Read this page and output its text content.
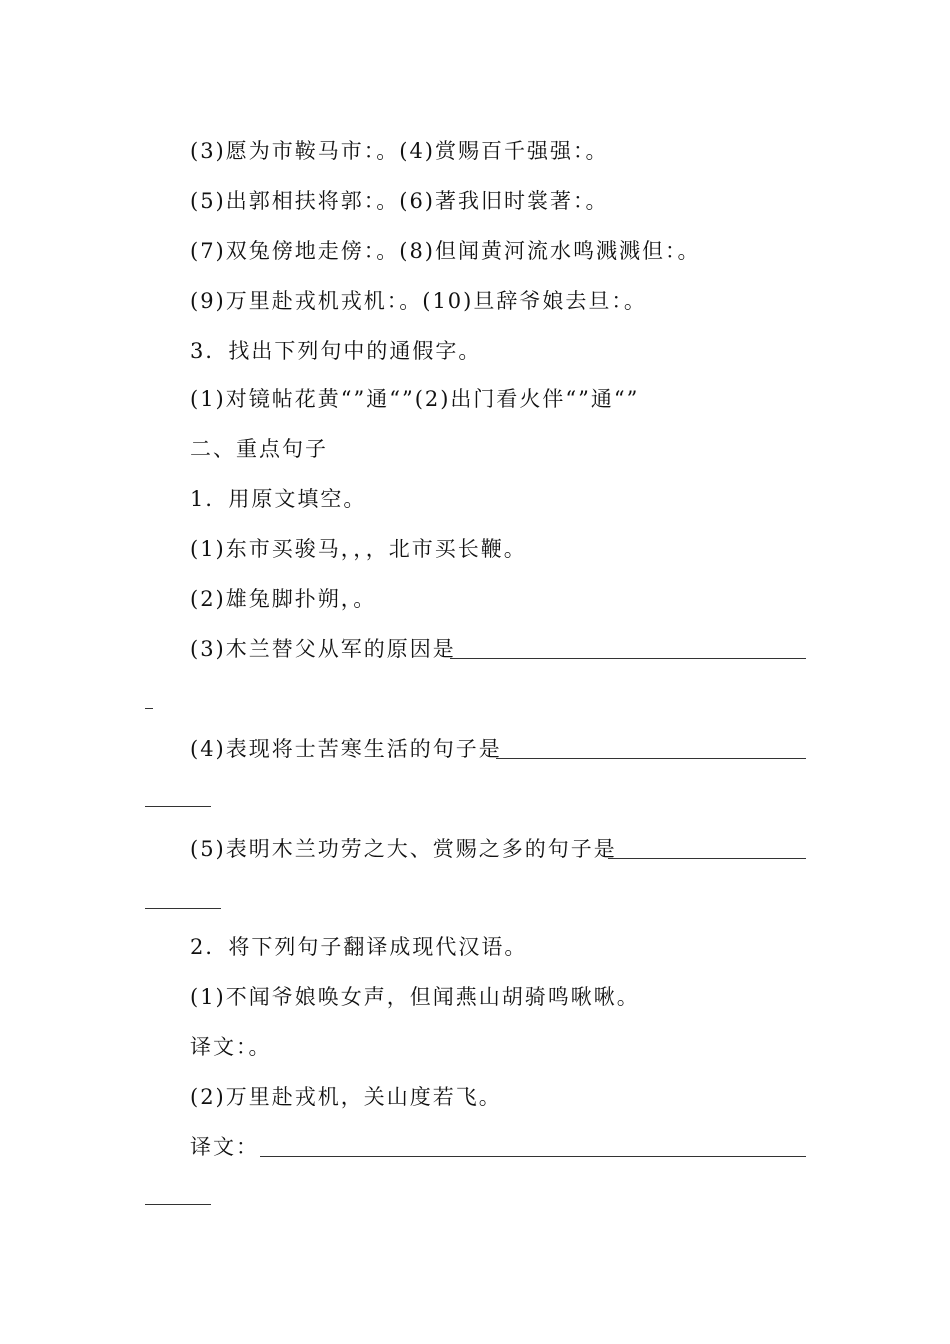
(3)愿为市鞍马市：。(4)赏赐百千强强：。
(5)出郭相扶将郭：。(6)著我旧时裳著：。
(7)双兔傍地走傍：。(8)但闻黄河流水鸣溅溅但：。
(9)万里赴戎机戎机：。(10)旦辞爷娘去旦：。
3．找出下列句中的通假字。
(1)对镜帖花黄“”通“”(2)出门看火伴“”通“”
二、重点句子
1．用原文填空。
(1)东市买骏马，，，北市买长鞭。
(2)雄兔脚扑朔，。
(3)木兰替父从军的原因是
(4)表现将士苦寒生活的句子是
(5)表明木兰功劳之大、赏赐之多的句子是
2．将下列句子翻译成现代汉语。
(1)不闻爷娘唤女声，但闻燕山胡骑鸣啾啾。
译文：。
(2)万里赴戎机，关山度若飞。
译文：
